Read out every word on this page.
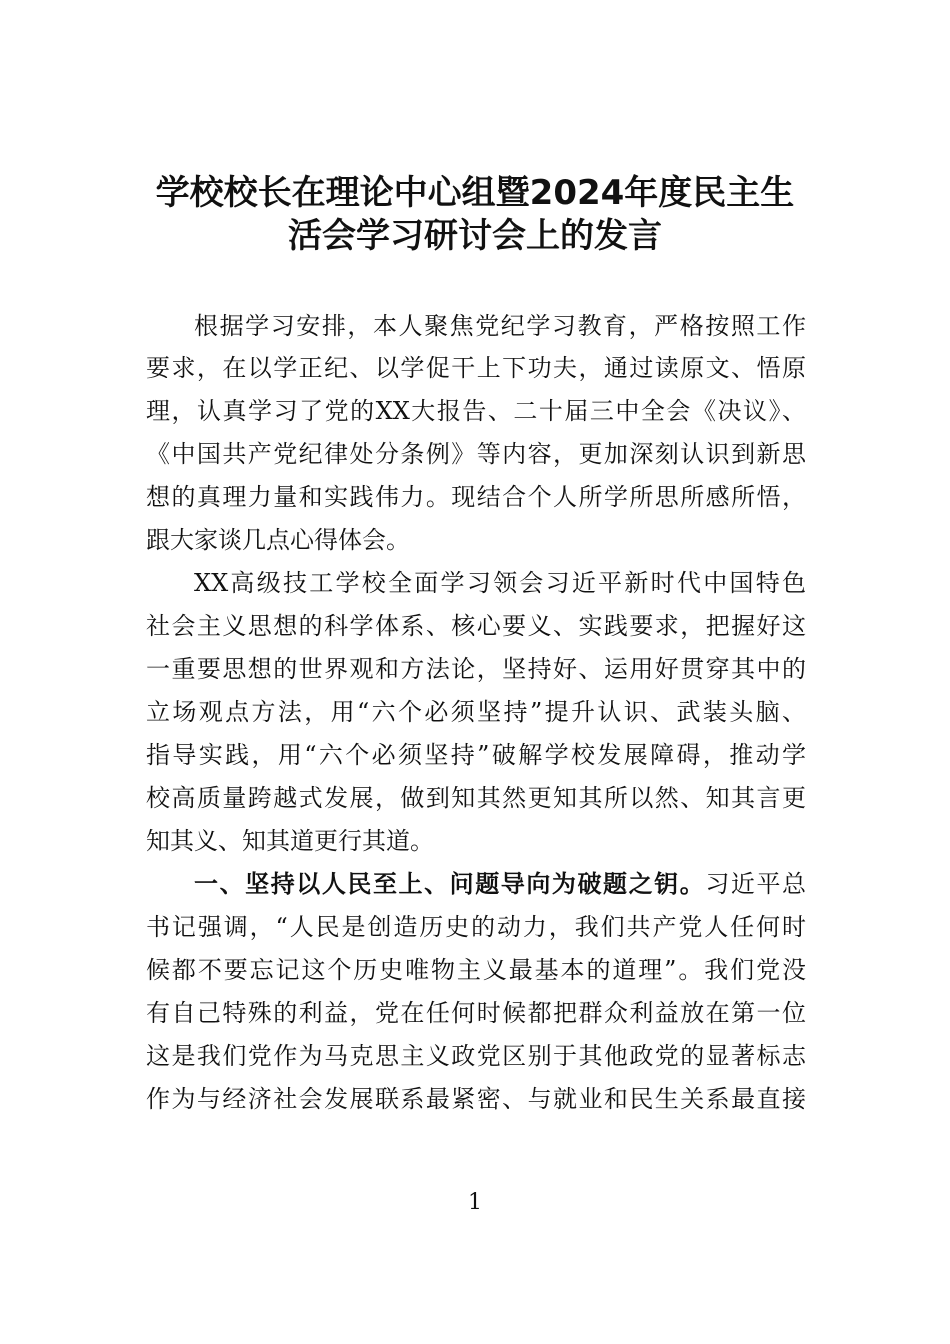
学校校长在理论中心组暨2024年度民主生
活会学习研讨会上的发言
根据学习安排，本人聚焦党纪学习教育，严格按照工作
要求，在以学正纪、以学促干上下功夫，通过读原文、悟原
理，认真学习了党的XX大报告、二十届三中全会《决议》、
《中国共产党纪律处分条例》等内容，更加深刻认识到新思
想的真理力量和实践伟力。现结合个人所学所思所感所悟，
跟大家谈几点心得体会。
XX高级技工学校全面学习领会习近平新时代中国特色
社会主义思想的科学体系、核心要义、实践要求，把握好这
一重要思想的世界观和方法论，坚持好、运用好贯穿其中的
立场观点方法，用“六个必须坚持”提升认识、武装头脑、
指导实践，用“六个必须坚持”破解学校发展障碍，推动学
校高质量跨越式发展，做到知其然更知其所以然、知其言更
知其义、知其道更行其道。
一、坚持以人民至上、问题导向为破题之钥。习近平总
书记强调，“人民是创造历史的动力，我们共产党人任何时
候都不要忘记这个历史唯物主义最基本的道理”。我们党没
有自己特殊的利益，党在任何时候都把群众利益放在第一位
这是我们党作为马克思主义政党区别于其他政党的显著标志
作为与经济社会发展联系最紧密、与就业和民生关系最直接
1
